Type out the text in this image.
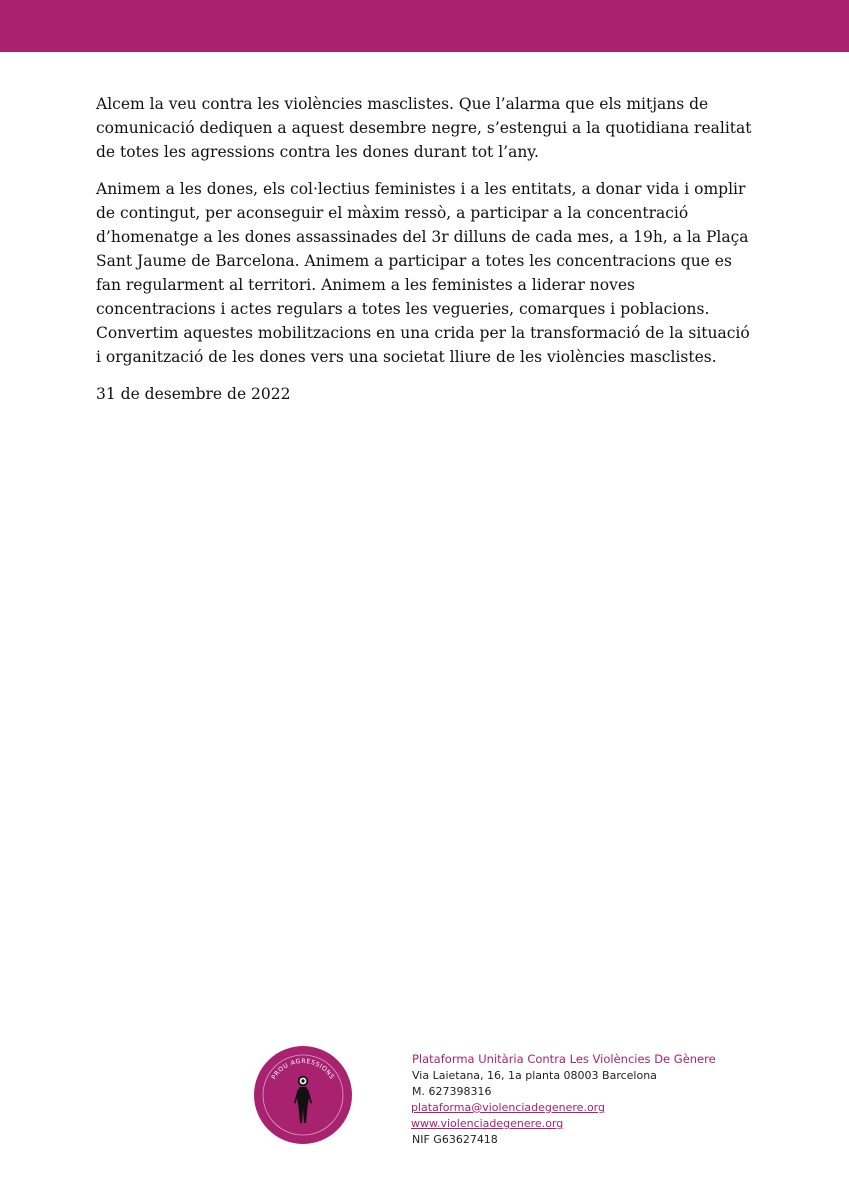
Alcem la veu contra les violències masclistes. Que l’alarma que els mitjans de comunicació dediquen a aquest desembre negre, s’estengui a la quotidiana realitat de totes les agressions contra les dones durant tot l’any.

Animem a les dones, els col·lectius feministes i a les entitats, a donar vida i omplir de contingut, per aconseguir el màxim ressò, a participar a la concentració d’homenatge a les dones assassinades del 3r dilluns de cada mes, a 19h, a la Plaça Sant Jaume de Barcelona. Animem a participar a totes les concentracions que es fan regularment al territori. Animem a les feministes a liderar noves concentracions i actes regulars a totes les vegueries, comarques i poblacions. Convertim aquestes mobilitzacions en una crida per la transformació de la situació i organització de les dones vers una societat lliure de les violències masclistes.

31 de desembre de 2022

PROU AGRESSIONS
Plataforma Unitària Contra Les Violències De Gènere
Via Laietana, 16, 1a planta 08003 Barcelona
M. 627398316
plataforma@violenciadegenere.org
www.violenciadegenere.org
NIF G63627418
